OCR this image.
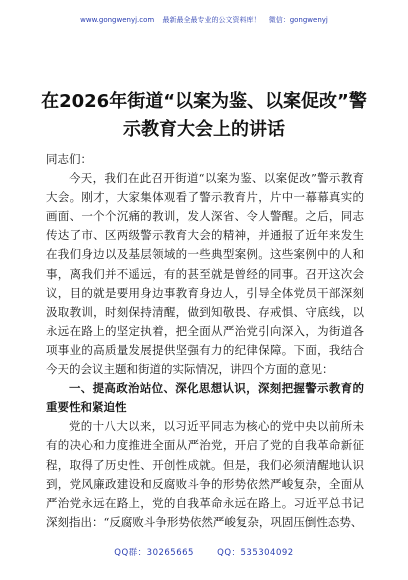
www.gongwenyj.com 最新最全最专业的公文资料库！ 微信：gongwenyj
在2026年街道“以案为鉴、以案促改”警示教育大会上的讲话

同志们：

今天，我们在此召开街道“以案为鉴、以案促改”警示教育大会。刚才，大家集体观看了警示教育片，片中一幕幕真实的画面、一个个沉痛的教训，发人深省、令人警醒。之后，同志传达了市、区两级警示教育大会的精神，并通报了近年来发生在我们身边以及基层领域的一些典型案例。这些案例中的人和事，离我们并不遥远，有的甚至就是曾经的同事。召开这次会议，目的就是要用身边事教育身边人，引导全体党员干部深刻汲取教训，时刻保持清醒，做到知敬畏、存戒惧、守底线，以永远在路上的坚定执着，把全面从严治党引向深入，为街道各项事业的高质量发展提供坚强有力的纪律保障。下面，我结合今天的会议主题和街道的实际情况，讲四个方面的意见：

一、提高政治站位、深化思想认识，深刻把握警示教育的重要性和紧迫性

党的十八大以来，以习近平同志为核心的党中央以前所未有的决心和力度推进全面从严治党，开启了党的自我革命新征程，取得了历史性、开创性成就。但是，我们必须清醒地认识到，党风廉政建设和反腐败斗争的形势依然严峻复杂，全面从严治党永远在路上，党的自我革命永远在路上。习近平总书记深刻指出：“反腐败斗争形势依然严峻复杂，巩固压倒性态势、

QQ群：30265665	QQ：535304092
